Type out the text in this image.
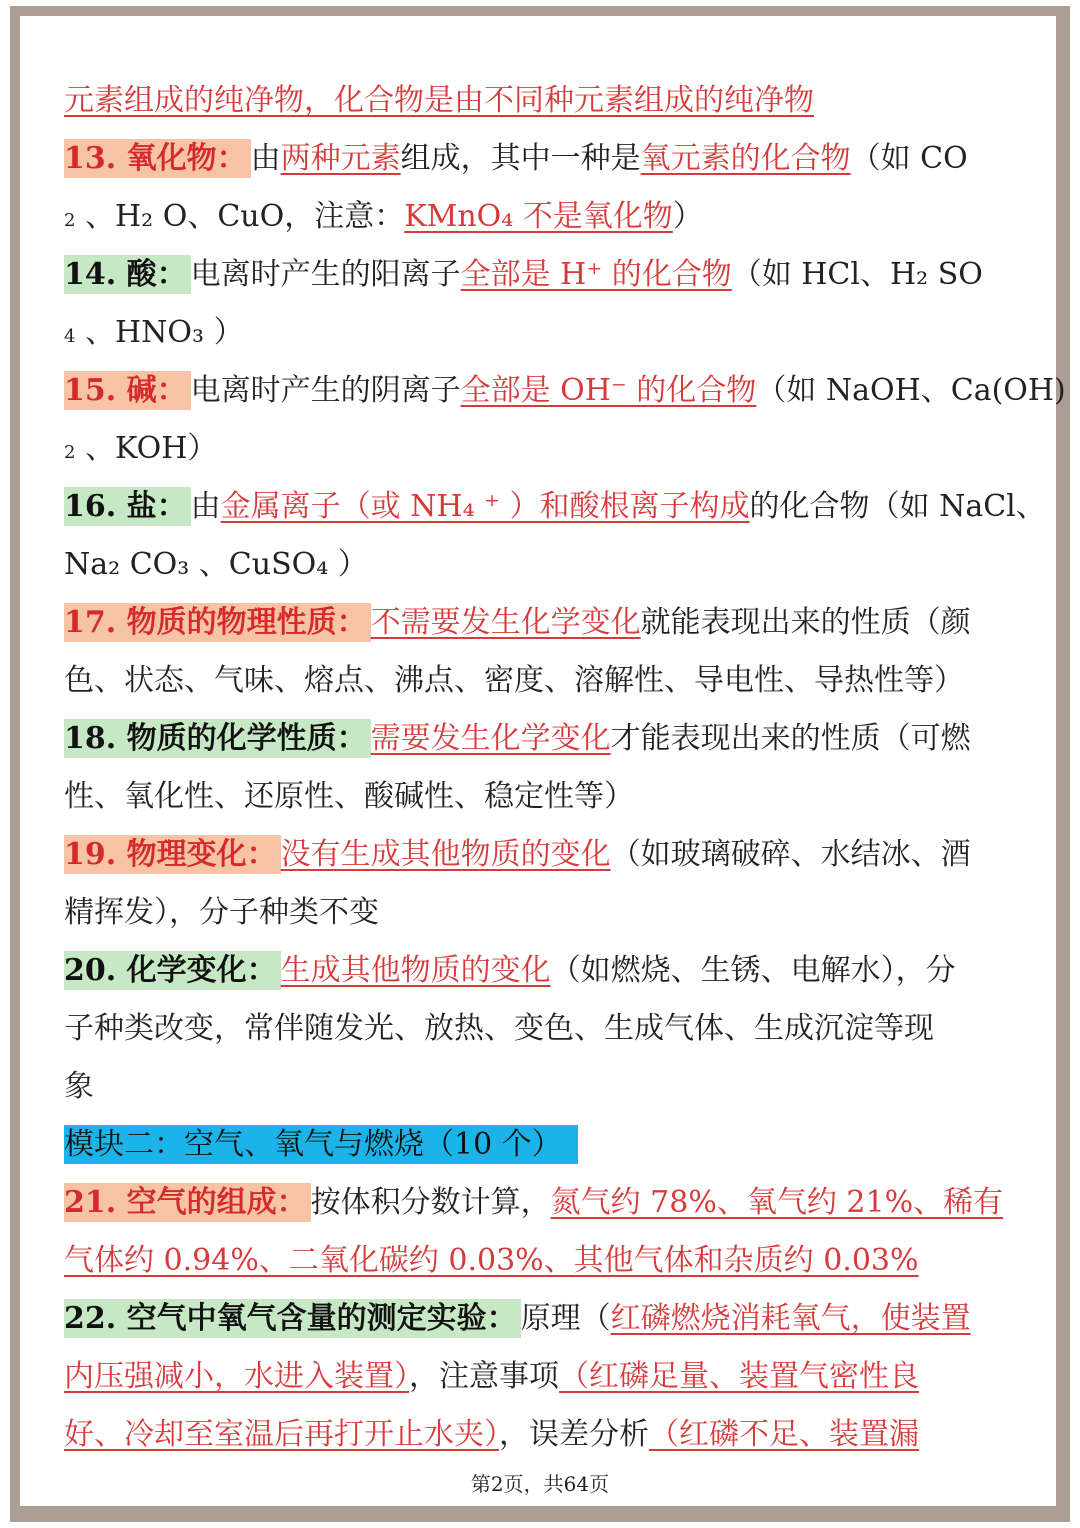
元素组成的纯净物，化合物是由不同种元素组成的纯净物
13. 氧化物： 由两种元素组成，其中一种是氧元素的化合物（如 CO
2 、H₂ O、CuO，注意：KMnO₄ 不是氧化物）
14. 酸： 电离时产生的阳离子全部是 H⁺ 的化合物（如 HCl、H₂ SO
4 、HNO₃ ）
15. 碱： 电离时产生的阴离子全部是 OH⁻ 的化合物（如 NaOH、Ca(OH)
2 、KOH）
16. 盐： 由金属离子（或 NH₄ ⁺ ）和酸根离子构成的化合物（如 NaCl、
Na₂ CO₃ 、CuSO₄ ）
17. 物质的物理性质： 不需要发生化学变化就能表现出来的性质（颜
色、状态、气味、熔点、沸点、密度、溶解性、导电性、导热性等）
18. 物质的化学性质： 需要发生化学变化才能表现出来的性质（可燃
性、氧化性、还原性、酸碱性、稳定性等）
19. 物理变化： 没有生成其他物质的变化（如玻璃破碎、水结冰、酒
精挥发），分子种类不变
20. 化学变化： 生成其他物质的变化（如燃烧、生锈、电解水），分
子种类改变，常伴随发光、放热、变色、生成气体、生成沉淀等现
象
模块二：空气、氧气与燃烧（10 个）
21. 空气的组成： 按体积分数计算，氮气约 78%、氧气约 21%、稀有
气体约 0.94%、二氧化碳约 0.03%、其他气体和杂质约 0.03%
22. 空气中氧气含量的测定实验： 原理（红磷燃烧消耗氧气，使装置
内压强减小，水进入装置），注意事项（红磷足量、装置气密性良
好、冷却至室温后再打开止水夹），误差分析（红磷不足、装置漏
第2页，共64页
